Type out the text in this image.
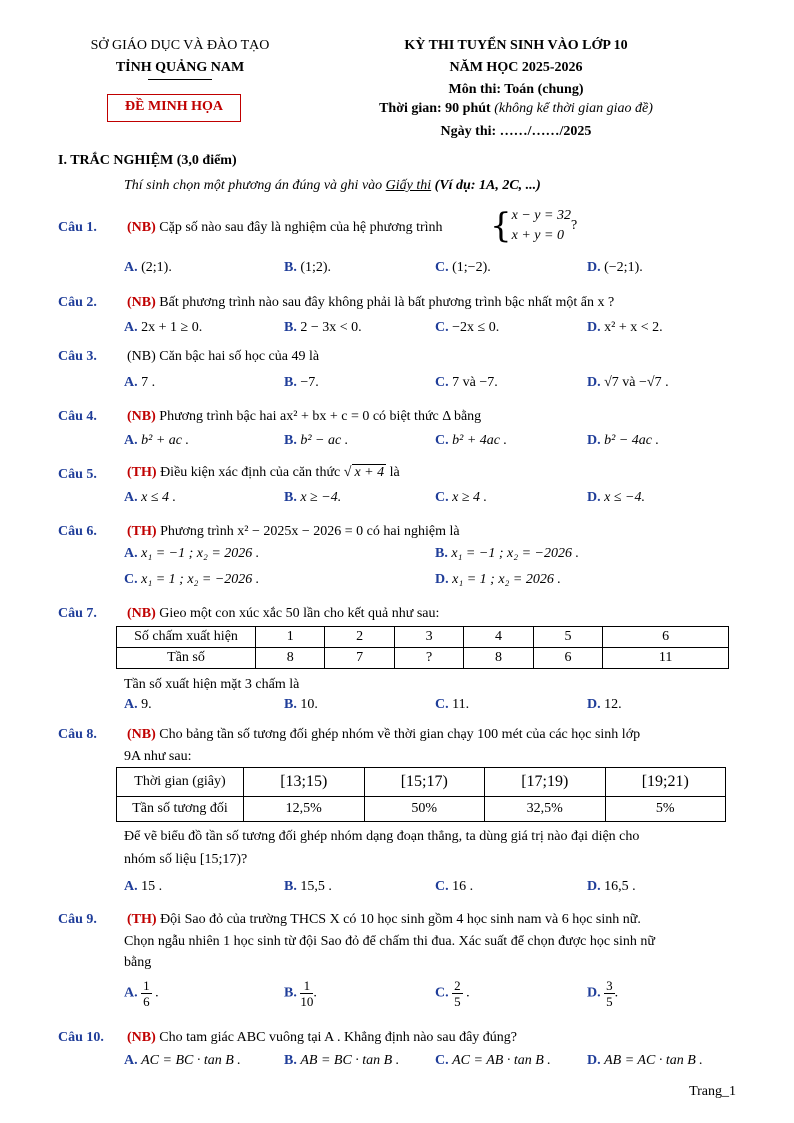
SỞ GIÁO DỤC VÀ ĐÀO TẠO
TỈNH QUẢNG NAM
ĐỀ MINH HỌA
KỲ THI TUYỂN SINH VÀO LỚP 10
NĂM HỌC 2025-2026
Môn thi: Toán (chung)
Thời gian: 90 phút (không kể thời gian giao đề)
Ngày thi: ……/……/2025
I. TRẮC NGHIỆM (3,0 điểm)
Thí sinh chọn một phương án đúng và ghi vào Giấy thi (Ví dụ: 1A, 2C, ...)
Câu 1. (NB) Cặp số nào sau đây là nghiệm của hệ phương trình {x − y = 32
x + y = 0?
A. (2;1).	B. (1;2).	C. (1;−2).	D. (−2;1).
Câu 2. (NB) Bất phương trình nào sau đây không phải là bất phương trình bậc nhất một ẩn x ?
A. 2x + 1 ≥ 0.	B. 2 − 3x < 0.	C. −2x ≤ 0.	D. x² + x < 2.
Câu 3. (NB) Căn bậc hai số học của 49 là
A. 7 .	B. −7.	C. 7 và −7.	D. √7 và −√7 .
Câu 4. (NB) Phương trình bậc hai ax² + bx + c = 0 có biệt thức Δ bằng
A. b² + ac .	B. b² − ac .	C. b² + 4ac .	D. b² − 4ac .
Câu 5. (TH) Điều kiện xác định của căn thức √ x + 4 là
A. x ≤ 4 .	B. x ≥ −4.	C. x ≥ 4 .	D. x ≤ −4.
Câu 6. (TH) Phương trình x² − 2025x − 2026 = 0 có hai nghiệm là
A. x₁ = −1 ; x₂ = 2026 .	B. x₁ = −1 ; x₂ = −2026 .
C. x₁ = 1 ; x₂ = −2026 .	D. x₁ = 1 ; x₂ = 2026 .
Câu 7. (NB) Gieo một con xúc xắc 50 lần cho kết quả như sau:
Số chấm xuất hiện	1	2	3	4	5	6
Tần số	8	7	?	8	6	11
Tần số xuất hiện mặt 3 chấm là
A. 9.	B. 10.	C. 11.	D. 12.
Câu 8. (NB) Cho bảng tần số tương đối ghép nhóm về thời gian chạy 100 mét của các học sinh lớp
9A như sau:
Thời gian (giây)	[13;15)	[15;17)	[17;19)	[19;21)
Tần số tương đối	12,5%	50%	32,5%	5%
Để vẽ biểu đồ tần số tương đối ghép nhóm dạng đoạn thẳng, ta dùng giá trị nào đại diện cho
nhóm số liệu [15;17)?
A. 15 .	B. 15,5 .	C. 16 .	D. 16,5 .
Câu 9. (TH) Đội Sao đỏ của trường THCS X có 10 học sinh gồm 4 học sinh nam và 6 học sinh nữ.
Chọn ngẫu nhiên 1 học sinh từ đội Sao đỏ để chấm thi đua. Xác suất để chọn được học sinh nữ
bằng
A. $\frac{1}{6}$ .	B. $\frac{1}{10}$ .	C. $\frac{2}{5}$ .	D. $\frac{3}{5}$ .
Câu 10. (NB) Cho tam giác ABC vuông tại A . Khẳng định nào sau đây đúng?
A. AC = BC · tan B .	B. AB = BC · tan B .	C. AC = AB · tan B .	D. AB = AC · tan B .
Trang_1
